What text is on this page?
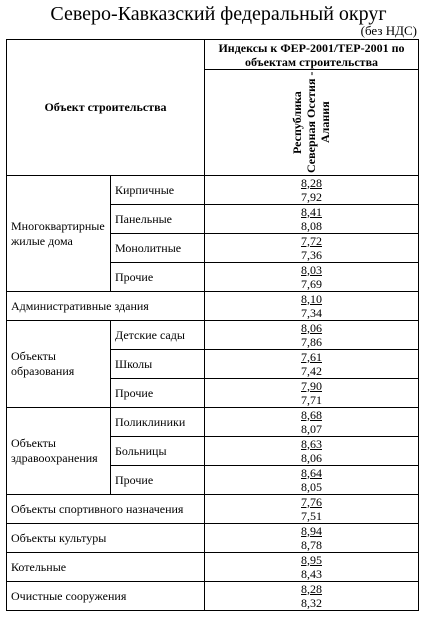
Северо-Кавказский федеральный округ
(без НДС)
Объект строительства		Индексы к ФЕР-2001/ТЕР-2001 по объектам строительства

		Республика Северная Осетия - Алания

Многоквартирные жилые дома	Кирпичные	8,28
7,92

	Панельные	8,41
8,08

	Монолитные	7,72
7,36

	Прочие	8,03
7,69

Административные здания		8,10
7,34

Объекты образования	Детские сады	8,06
7,86

	Школы	7,61
7,42

	Прочие	7,90
7,71

Объекты здравоохранения	Поликлиники	8,68
8,07

	Больницы	8,63
8,06

	Прочие	8,64
8,05

Объекты спортивного назначения		7,76
7,51

Объекты культуры		8,94
8,78

Котельные		8,95
8,43

Очистные сооружения		8,28
8,32
